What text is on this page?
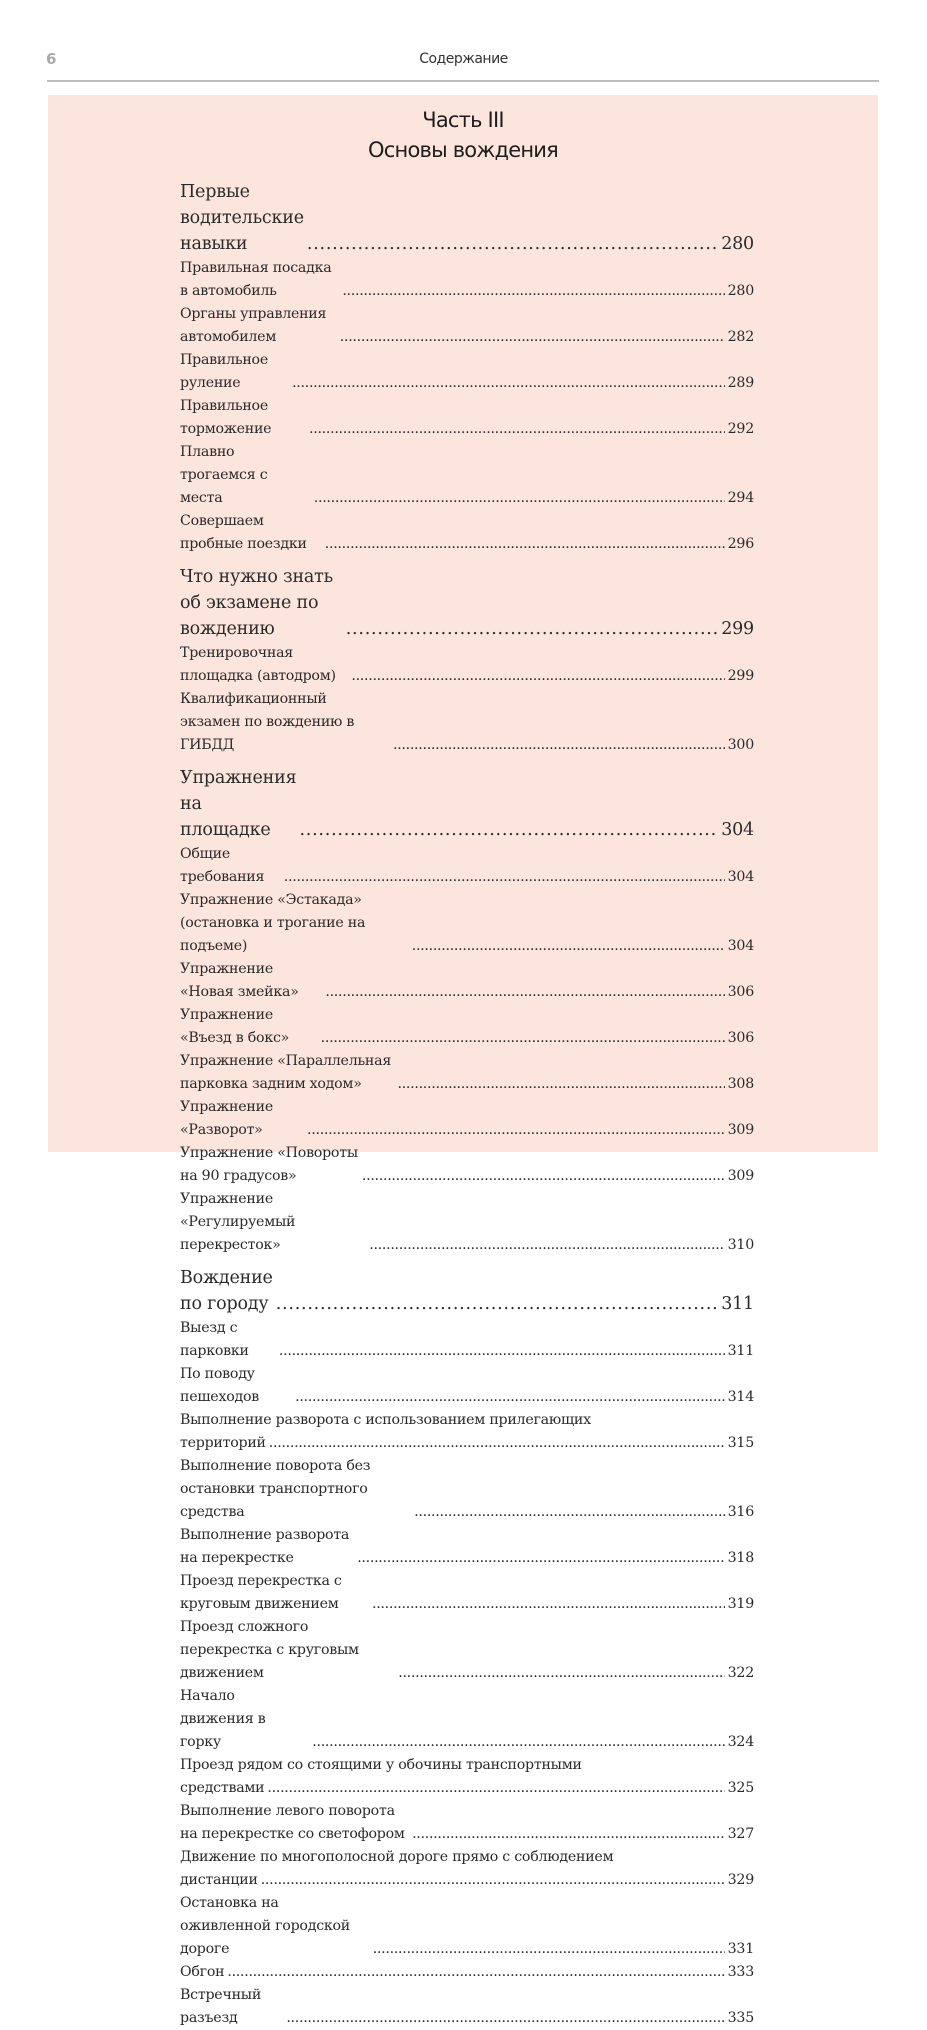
6	Содержание
Часть III
Основы вождения
Первые водительские навыки . . .	280
Правильная посадка в автомобиль . . .	280
Органы управления автомобилем . . .	282
Правильное руление . . .	289
Правильное торможение . . .	292
Плавно трогаемся с места . . .	294
Совершаем пробные поездки . . .	296
Что нужно знать об экзамене по вождению . . .	299
Тренировочная площадка (автодром) . . .	299
Квалификационный экзамен по вождению в ГИБДД . . .	300
Упражнения на площадке . . .	304
Общие требования . . .	304
Упражнение «Эстакада» (остановка и трогание на подъеме) . . .	304
Упражнение «Новая змейка» . . .	306
Упражнение «Въезд в бокс» . . .	306
Упражнение «Параллельная парковка задним ходом» . . .	308
Упражнение «Разворот» . . .	309
Упражнение «Повороты на 90 градусов» . . .	309
Упражнение «Регулируемый перекресток» . . .	310
Вождение по городу . . .	311
Выезд с парковки . . .	311
По поводу пешеходов . . .	314
Выполнение разворота с использованием прилегающих
территорий . . .	315
Выполнение поворота без остановки транспортного средства . . .	316
Выполнение разворота на перекрестке . . .	318
Проезд перекрестка с круговым движением . . .	319
Проезд сложного перекрестка с круговым движением . . .	322
Начало движения в горку . . .	324
Проезд рядом со стоящими у обочины транспортными
средствами . . .	325
Выполнение левого поворота на перекрестке со светофором . . .	327
Движение по многополосной дороге прямо с соблюдением
дистанции . . .	329
Остановка на оживленной городской дороге . . .	331
Обгон . . .	333
Встречный разъезд . . .	335
